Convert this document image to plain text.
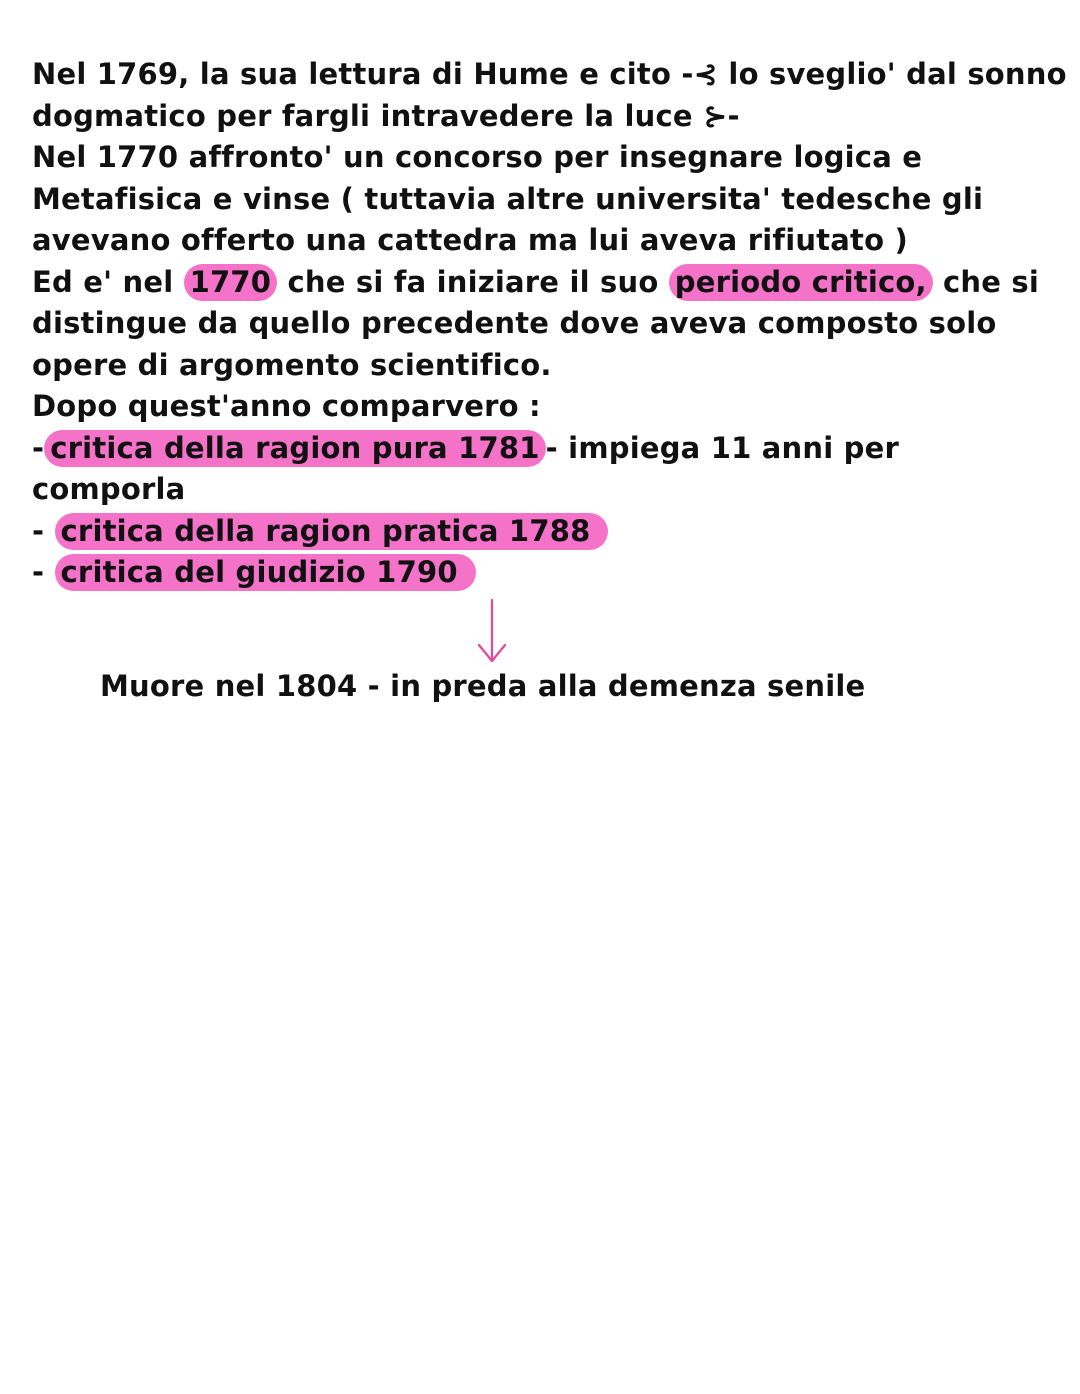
Nel 1769, la sua lettura di Hume e cito -⊰ lo sveglio' dal sonno
dogmatico per fargli intravedere la luce ⊱-
Nel 1770 affronto' un concorso per insegnare logica e
Metafisica e vinse ( tuttavia altre universita' tedesche gli
avevano offerto una cattedra ma lui aveva rifiutato )
Ed e' nel 1770 che si fa iniziare il suo periodo critico, che si
distingue da quello precedente dove aveva composto solo
opere di argomento scientifico.
Dopo quest'anno comparvero :
- critica della ragion pura 1781 - impiega 11 anni per
comporla
- critica della ragion pratica 1788
- critica del giudizio 1790
Muore nel 1804 - in preda alla demenza senile
